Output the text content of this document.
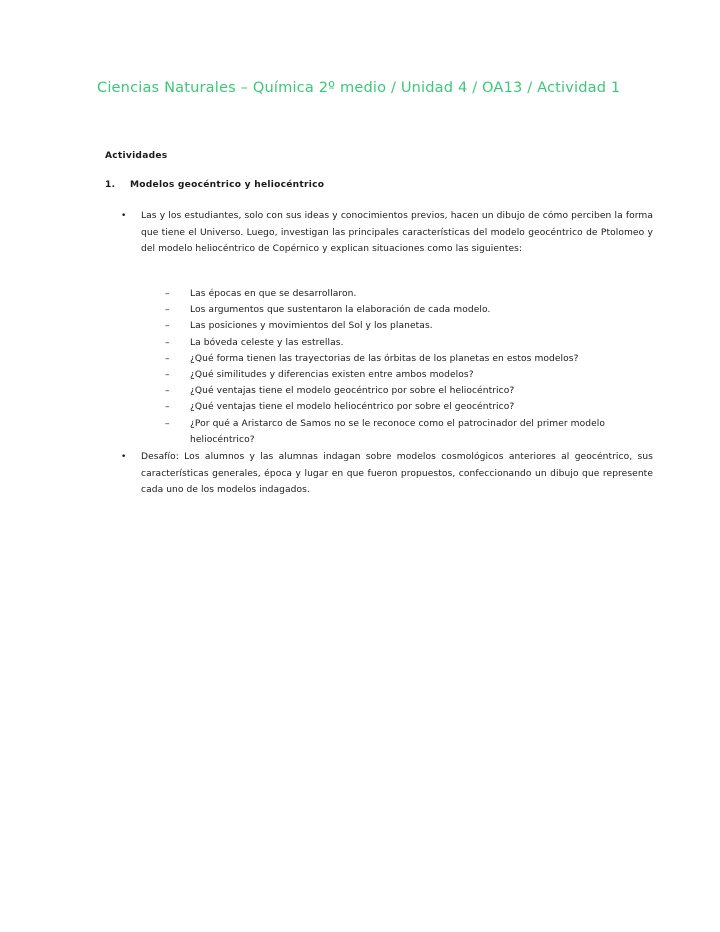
Ciencias Naturales – Química 2º medio / Unidad 4 / OA13 / Actividad 1
Actividades
1. Modelos geocéntrico y heliocéntrico
• Las y los estudiantes, solo con sus ideas y conocimientos previos, hacen un dibujo de cómo perciben la forma que tiene el Universo. Luego, investigan las principales características del modelo geocéntrico de Ptolomeo y del modelo heliocéntrico de Copérnico y explican situaciones como las siguientes:
–	Las épocas en que se desarrollaron.
–	Los argumentos que sustentaron la elaboración de cada modelo.
–	Las posiciones y movimientos del Sol y los planetas.
–	La bóveda celeste y las estrellas.
–	¿Qué forma tienen las trayectorias de las órbitas de los planetas en estos modelos?
–	¿Qué similitudes y diferencias existen entre ambos modelos?
–	¿Qué ventajas tiene el modelo geocéntrico por sobre el heliocéntrico?
–	¿Qué ventajas tiene el modelo heliocéntrico por sobre el geocéntrico?
–	¿Por qué a Aristarco de Samos no se le reconoce como el patrocinador del primer modelo heliocéntrico?
• Desafío: Los alumnos y las alumnas indagan sobre modelos cosmológicos anteriores al geocéntrico, sus características generales, época y lugar en que fueron propuestos, confeccionando un dibujo que represente cada uno de los modelos indagados.
